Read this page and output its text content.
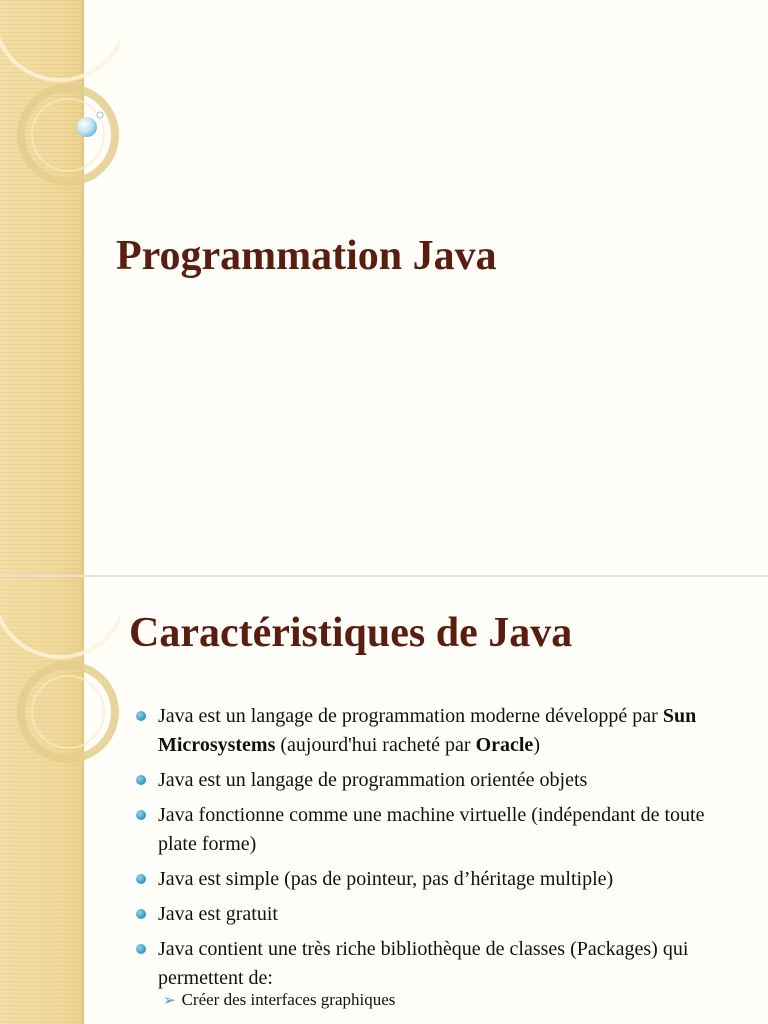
Programmation Java
Caractéristiques de Java
Java est un langage de programmation moderne développé par Sun Microsystems (aujourd'hui racheté par Oracle)
Java est un langage de programmation orientée objets
Java fonctionne comme une machine virtuelle (indépendant de toute plate forme)
Java est simple (pas de pointeur, pas d’héritage multiple)
Java est gratuit
Java contient une très riche bibliothèque de classes (Packages) qui permettent de:
➢ Créer des interfaces graphiques
